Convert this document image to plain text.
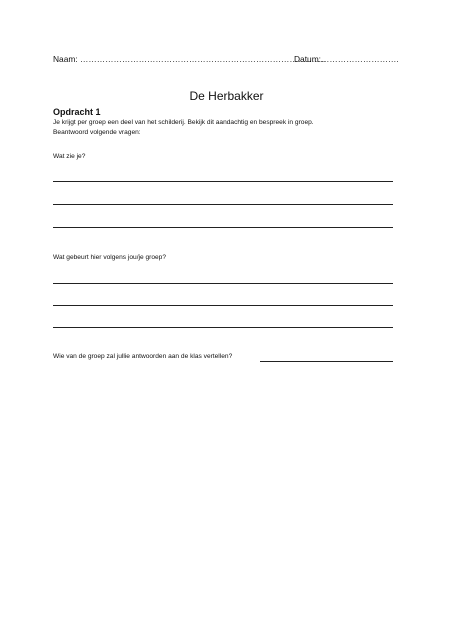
Naam: …………………………………………………………………………….
Datum:……………………….
De Herbakker
Opdracht 1
Je krijgt per groep een deel van het schilderij. Bekijk dit aandachtig en bespreek in groep.
Beantwoord volgende vragen:
Wat zie je?
Wat gebeurt hier volgens jou/je groep?
Wie van de groep zal jullie antwoorden aan de klas vertellen?
